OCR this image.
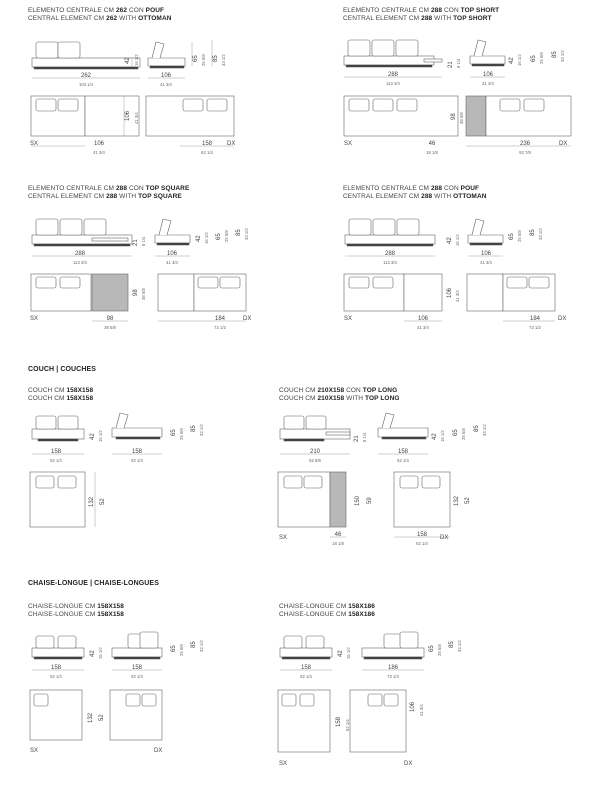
ELEMENTO CENTRALE CM 262 CON POUF
CENTRAL ELEMENT CM 262 WITH OTTOMAN
262
103 1/4
106
41 3/4
42 16 1/2	65 25 5/8 85 33 1/2
106 41 3/4
SX	106
41 3/4
158
62 1/4
DX
ELEMENTO CENTRALE CM 288 CON TOP SHORT
CENTRAL ELEMENT CM 288 WITH TOP SHORT
288
113 3/4
106
41 3/4
21 8 1/4	42 16 1/2 65 25 5/8 85 33 1/2
98 38 5/8
SX	46
18 1/8
236
92 7/8
DX
ELEMENTO CENTRALE CM 288 CON TOP SQUARE
CENTRAL ELEMENT CM 288 WITH TOP SQUARE
288
113 3/4
106
41 3/4
21 8 1/4	42 16 1/2 65 25 5/8 85 33 1/2
98 38 5/8
SX	98
38 5/8
184
72 1/2
DX
ELEMENTO CENTRALE CM 288 CON POUF
CENTRAL ELEMENT CM 288 WITH OTTOMAN
288
113 3/4
106
41 3/4
42 16 1/2	65 25 5/8 85 33 1/2
106 41 3/4
SX	106
41 3/4
184
72 1/2
DX
COUCH | COUCHES
COUCH CM 158X158
COUCH CM 158X158
158
62 1/4
158
62 1/4
42 16 1/2	65 25 5/8 85 33 1/2
132 52
COUCH CM 210X158 CON TOP LONG
COUCH CM 210X158 WITH TOP LONG
210
82 5/8
158
62 1/4
21 8 1/4	42 16 1/2 65 25 5/8 85 33 1/2
150 59	132 52
SX	46
18 1/8
158
62 1/4
DX
CHAISE-LONGUE | CHAISE-LONGUES
CHAISE-LONGUE CM 158X158
CHAISE-LONGUE CM 158X158
158
62 1/4
158
62 1/4
42 16 1/2	65 25 5/8 85 33 1/2
132 52
SX	DX
CHAISE-LONGUE CM 158X186
CHAISE-LONGUE CM 158X186
158
62 1/4
186
73 1/4
42 16 1/2	65 25 5/8 85 33 1/2
158 62 1/4
106 41 3/4
SX	DX
